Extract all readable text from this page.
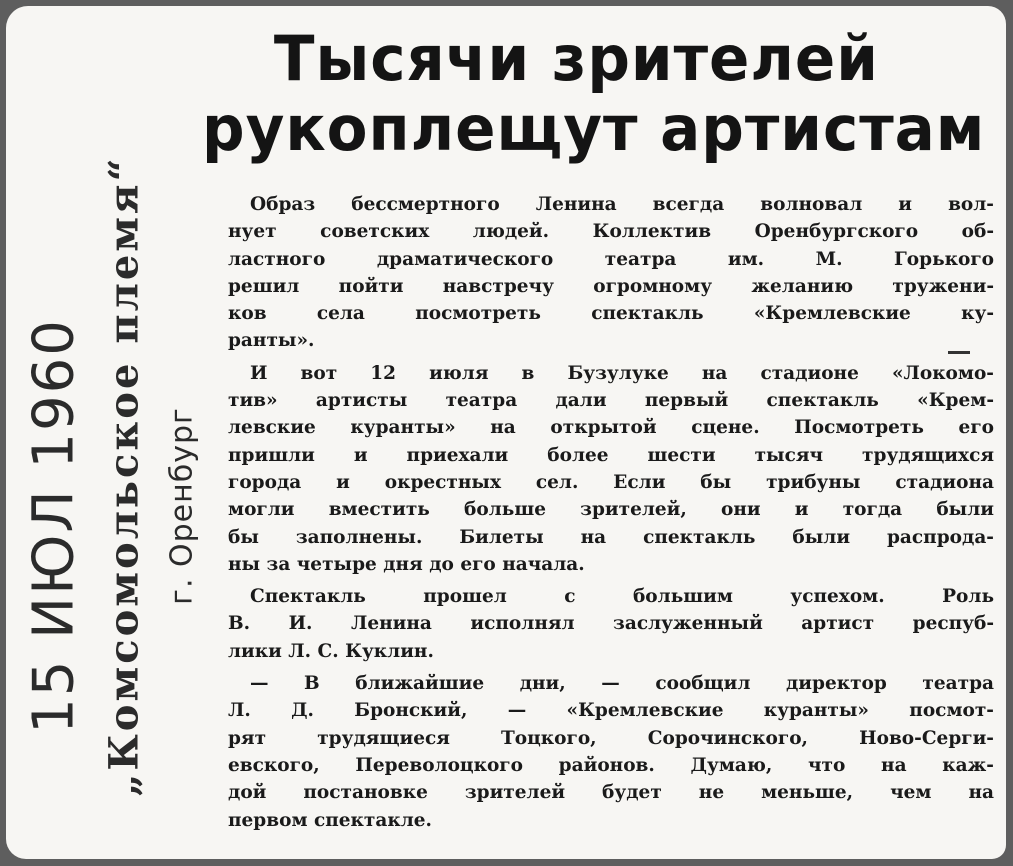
Тысячи зрителей
рукоплещут артистам
15 ИЮЛ 1960 „Комсомольское племя“ г. Оренбург

Образ бессмертного Ленина всегда волновал и вол-
нует советских людей. Коллектив Оренбургского об-
ластного драматического театра им. М. Горького
решил пойти навстречу огромному желанию тружени-
ков села посмотреть спектакль «Кремлевские ку-
ранты».

И вот 12 июля в Бузулуке на стадионе «Локомо-
тив» артисты театра дали первый спектакль «Крем-
левские куранты» на открытой сцене. Посмотреть его
пришли и приехали более шести тысяч трудящихся
города и окрестных сел. Если бы трибуны стадиона
могли вместить больше зрителей, они и тогда были
бы заполнены. Билеты на спектакль были распрода-
ны за четыре дня до его начала.

Спектакль прошел с большим успехом. Роль
В. И. Ленина исполнял заслуженный артист респуб-
лики Л. С. Куклин.

— В ближайшие дни, — сообщил директор театра
Л. Д. Бронский, — «Кремлевские куранты» посмот-
рят трудящиеся Тоцкого, Сорочинского, Ново-Серги-
евского, Переволоцкого районов. Думаю, что на каж-
дой постановке зрителей будет не меньше, чем на
первом спектакле.
